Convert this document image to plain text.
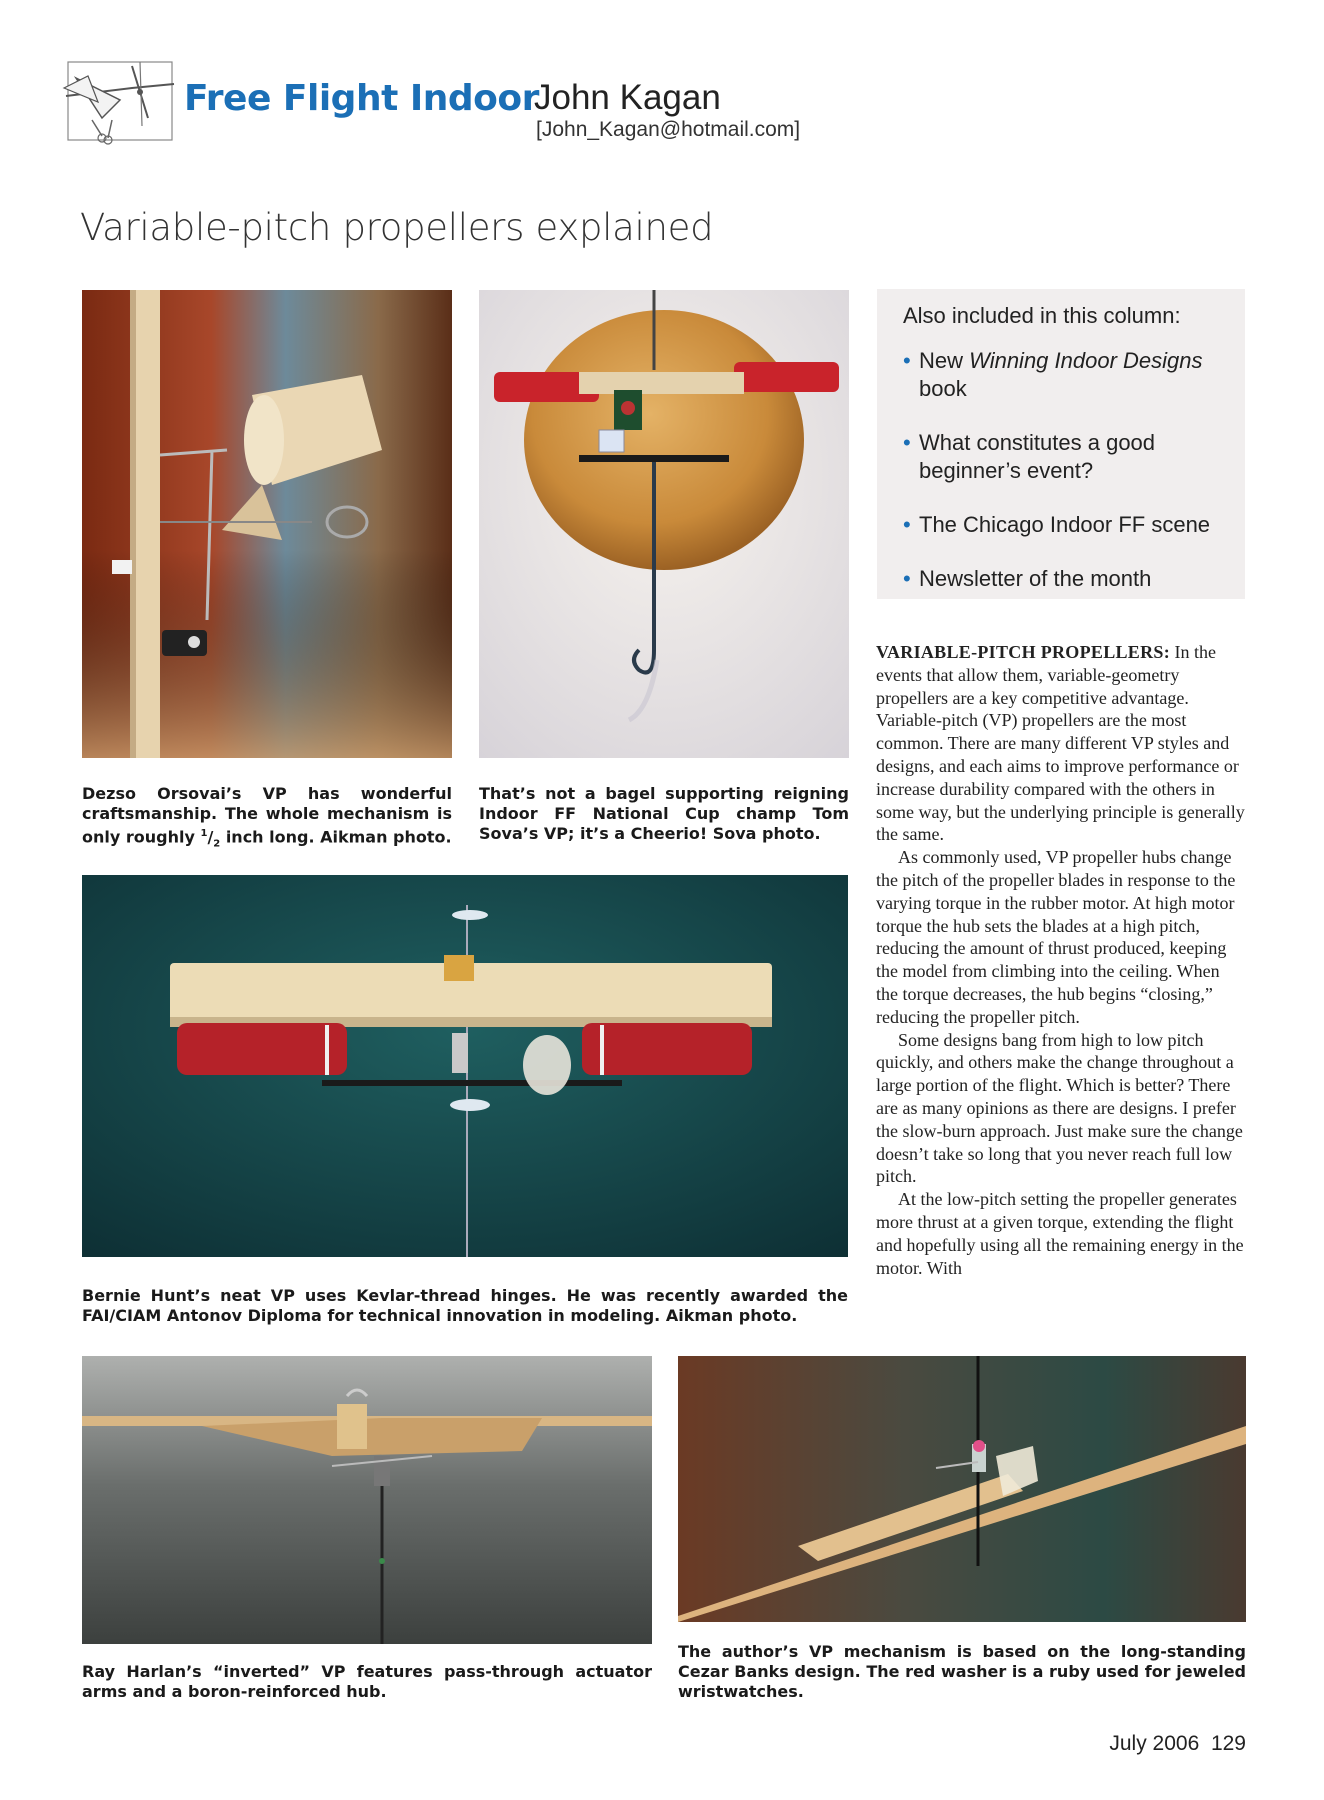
Free Flight Indoor
John Kagan
[John_Kagan@hotmail.com]
Variable-pitch propellers explained
Dezso Orsovai’s VP has wonderful craftsmanship. The whole mechanism is only roughly $^1/_2$ inch long. Aikman photo.
That’s not a bagel supporting reigning Indoor FF National Cup champ Tom Sova’s VP; it’s a Cheerio! Sova photo.
Bernie Hunt’s neat VP uses Kevlar-thread hinges. He was recently awarded the FAI/CIAM Antonov Diploma for technical innovation in modeling. Aikman photo.
The author’s VP mechanism is based on the long-standing Cezar Banks design. The red washer is a ruby used for jeweled wristwatches.
Ray Harlan’s “inverted” VP features pass-through actuator arms and a boron-reinforced hub.
Also included in this column:
• New Winning Indoor Designs book
• What constitutes a good beginner’s event?
• The Chicago Indoor FF scene
• Newsletter of the month

VARIABLE-PITCH PROPELLERS: In the events that allow them, variable-geometry propellers are a key competitive advantage. Variable-pitch (VP) propellers are the most common. There are many different VP styles and designs, and each aims to improve performance or increase durability compared with the others in some way, but the underlying principle is generally the same.

As commonly used, VP propeller hubs change the pitch of the propeller blades in response to the varying torque in the rubber motor. At high motor torque the hub sets the blades at a high pitch, reducing the amount of thrust produced, keeping the model from climbing into the ceiling. When the torque decreases, the hub begins “closing,” reducing the propeller pitch.

Some designs bang from high to low pitch quickly, and others make the change throughout a large portion of the flight. Which is better? There are as many opinions as there are designs. I prefer the slow-burn approach. Just make sure the change doesn’t take so long that you never reach full low pitch.

At the low-pitch setting the propeller generates more thrust at a given torque, extending the flight and hopefully using all the remaining energy in the motor. With

July 2006 129
